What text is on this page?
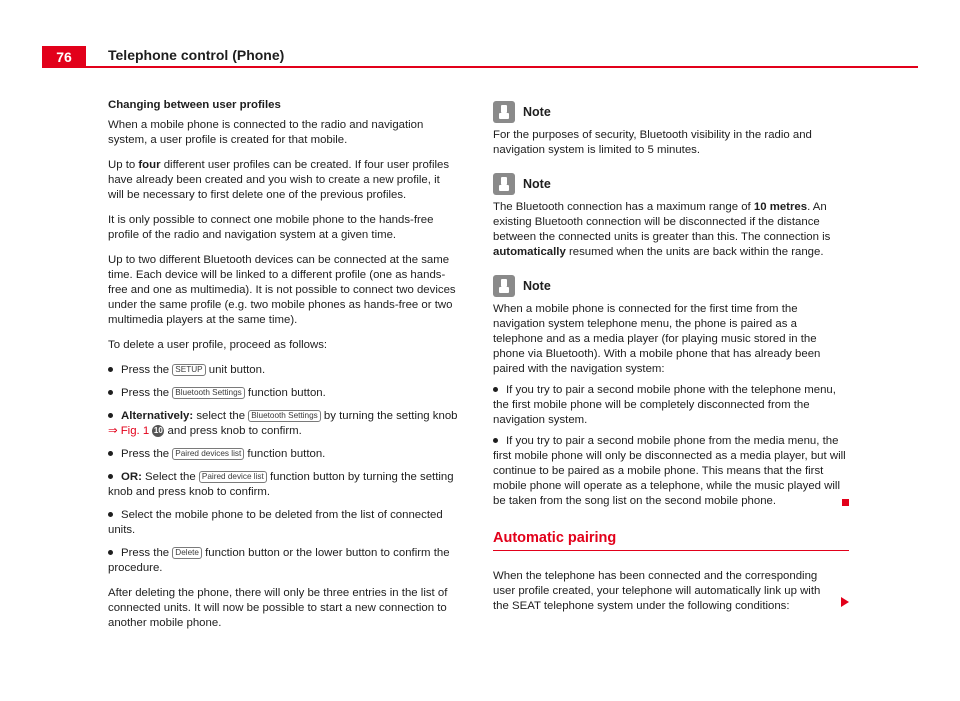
76	Telephone control (Phone)

Changing between user profiles

When a mobile phone is connected to the radio and navigation system, a user profile is created for that mobile.

Up to four different user profiles can be created. If four user profiles have already been created and you wish to create a new profile, it will be necessary to first delete one of the previous profiles.

It is only possible to connect one mobile phone to the hands-free profile of the radio and navigation system at a given time.

Up to two different Bluetooth devices can be connected at the same time. Each device will be linked to a different profile (one as hands-free and one as multimedia). It is not possible to connect two devices under the same profile (e.g. two mobile phones as hands-free or two multimedia players at the same time).

To delete a user profile, proceed as follows:

Press the SETUP unit button.
Press the Bluetooth Settings function button.
Alternatively: select the Bluetooth Settings by turning the setting knob
⇒ Fig. 1 10 and press knob to confirm.
Press the Paired devices list function button.
OR: Select the Paired device list function button by turning the setting knob and press knob to confirm.
Select the mobile phone to be deleted from the list of connected units.
Press the Delete function button or the lower button to confirm the procedure.

After deleting the phone, there will only be three entries in the list of connected units. It will now be possible to start a new connection to another mobile phone.

Note

For the purposes of security, Bluetooth visibility in the radio and navigation system is limited to 5 minutes.

Note

The Bluetooth connection has a maximum range of 10 metres. An existing Bluetooth connection will be disconnected if the distance between the connected units is greater than this. The connection is automatically resumed when the units are back within the range.

Note

When a mobile phone is connected for the first time from the navigation system telephone menu, the phone is paired as a telephone and as a media player (for playing music stored in the phone via Bluetooth). With a mobile phone that has already been paired with the navigation system:

If you try to pair a second mobile phone with the telephone menu, the first mobile phone will be completely disconnected from the navigation system.

If you try to pair a second mobile phone from the media menu, the first mobile phone will only be disconnected as a media player, but will continue to be paired as a mobile phone. This means that the first mobile phone will operate as a telephone, while the music played will be taken from the song list on the second mobile phone.

Automatic pairing

When the telephone has been connected and the corresponding user profile created, your telephone will automatically link up with the SEAT telephone system under the following conditions:
